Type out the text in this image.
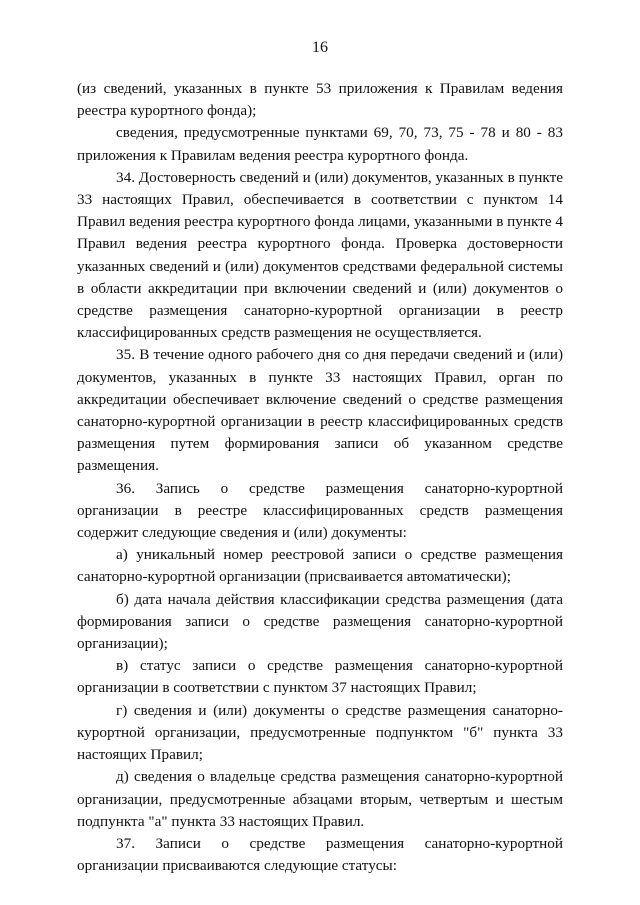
16

(из сведений, указанных в пункте 53 приложения к Правилам ведения реестра курортного фонда);

сведения, предусмотренные пунктами 69, 70, 73, 75 - 78 и 80 - 83 приложения к Правилам ведения реестра курортного фонда.

34. Достоверность сведений и (или) документов, указанных в пункте 33 настоящих Правил, обеспечивается в соответствии с пунктом 14 Правил ведения реестра курортного фонда лицами, указанными в пункте 4 Правил ведения реестра курортного фонда. Проверка достоверности указанных сведений и (или) документов средствами федеральной системы в области аккредитации при включении сведений и (или) документов о средстве размещения санаторно-курортной организации в реестр классифицированных средств размещения не осуществляется.

35. В течение одного рабочего дня со дня передачи сведений и (или) документов, указанных в пункте 33 настоящих Правил, орган по аккредитации обеспечивает включение сведений о средстве размещения санаторно-курортной организации в реестр классифицированных средств размещения путем формирования записи об указанном средстве размещения.

36. Запись о средстве размещения санаторно-курортной организации в реестре классифицированных средств размещения содержит следующие сведения и (или) документы:

а) уникальный номер реестровой записи о средстве размещения санаторно-курортной организации (присваивается автоматически);

б) дата начала действия классификации средства размещения (дата формирования записи о средстве размещения санаторно-курортной организации);

в) статус записи о средстве размещения санаторно-курортной организации в соответствии с пунктом 37 настоящих Правил;

г) сведения и (или) документы о средстве размещения санаторно-курортной организации, предусмотренные подпунктом "б" пункта 33 настоящих Правил;

д) сведения о владельце средства размещения санаторно-курортной организации, предусмотренные абзацами вторым, четвертым и шестым подпункта "а" пункта 33 настоящих Правил.

37. Записи о средстве размещения санаторно-курортной организации присваиваются следующие статусы:
